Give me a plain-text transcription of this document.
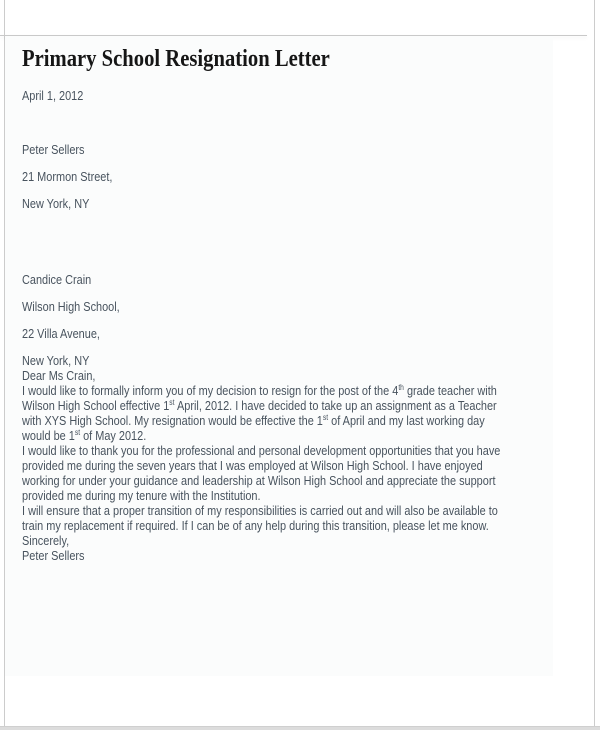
Primary School Resignation Letter

April 1, 2012

Peter Sellers

21 Mormon Street,

New York, NY

Candice Crain

Wilson High School,

22 Villa Avenue,

New York, NY

Dear Ms Crain,

I would like to formally inform you of my decision to resign for the post of the 4th grade teacher with
Wilson High School effective 1st April, 2012. I have decided to take up an assignment as a Teacher
with XYS High School. My resignation would be effective the 1st of April and my last working day
would be 1st of May 2012.

I would like to thank you for the professional and personal development opportunities that you have
provided me during the seven years that I was employed at Wilson High School. I have enjoyed
working for under your guidance and leadership at Wilson High School and appreciate the support
provided me during my tenure with the Institution.

I will ensure that a proper transition of my responsibilities is carried out and will also be available to
train my replacement if required. If I can be of any help during this transition, please let me know.

Sincerely,

Peter Sellers
